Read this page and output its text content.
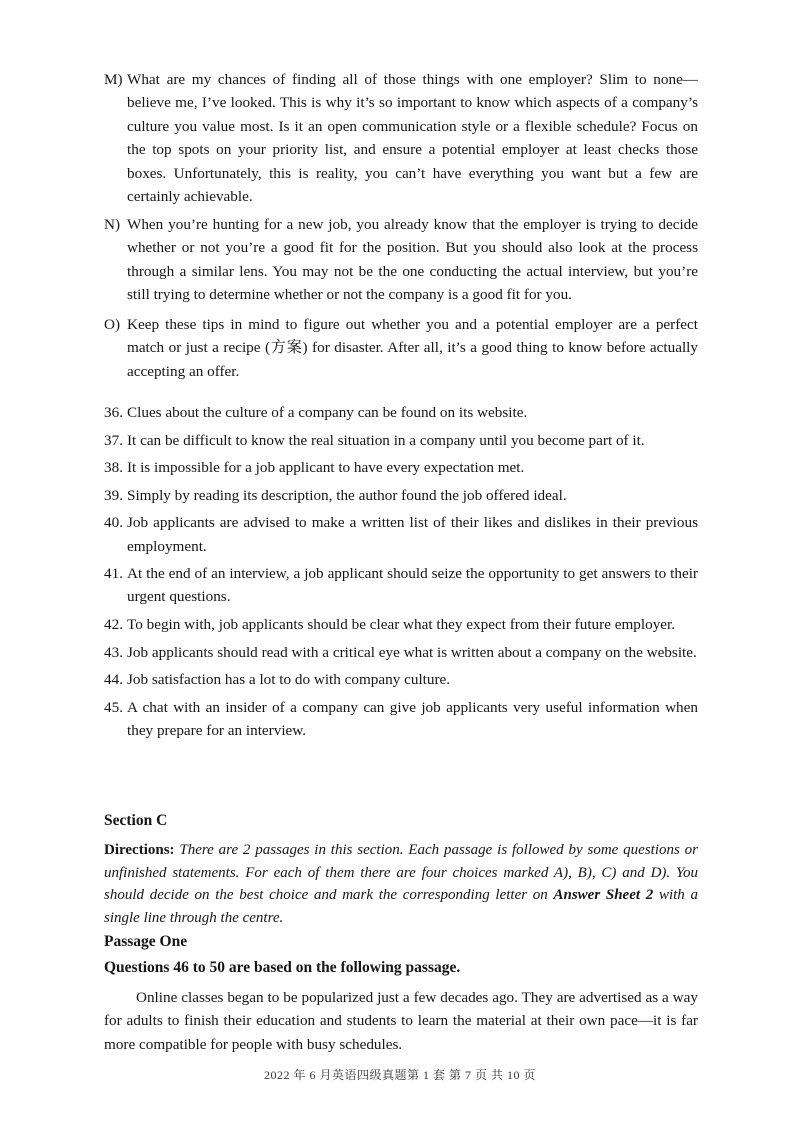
M) What are my chances of finding all of those things with one employer? Slim to none—believe me, I’ve looked. This is why it’s so important to know which aspects of a company’s culture you value most. Is it an open communication style or a flexible schedule? Focus on the top spots on your priority list, and ensure a potential employer at least checks those boxes. Unfortunately, this is reality, you can’t have everything you want but a few are certainly achievable.
N) When you’re hunting for a new job, you already know that the employer is trying to decide whether or not you’re a good fit for the position. But you should also look at the process through a similar lens. You may not be the one conducting the actual interview, but you’re still trying to determine whether or not the company is a good fit for you.
O) Keep these tips in mind to figure out whether you and a potential employer are a perfect match or just a recipe (方案) for disaster. After all, it’s a good thing to know before actually accepting an offer.
36. Clues about the culture of a company can be found on its website.
37. It can be difficult to know the real situation in a company until you become part of it.
38. It is impossible for a job applicant to have every expectation met.
39. Simply by reading its description, the author found the job offered ideal.
40. Job applicants are advised to make a written list of their likes and dislikes in their previous employment.
41. At the end of an interview, a job applicant should seize the opportunity to get answers to their urgent questions.
42. To begin with, job applicants should be clear what they expect from their future employer.
43. Job applicants should read with a critical eye what is written about a company on the website.
44. Job satisfaction has a lot to do with company culture.
45. A chat with an insider of a company can give job applicants very useful information when they prepare for an interview.
Section C
Directions: There are 2 passages in this section. Each passage is followed by some questions or unfinished statements. For each of them there are four choices marked A), B), C) and D). You should decide on the best choice and mark the corresponding letter on Answer Sheet 2 with a single line through the centre.
Passage One
Questions 46 to 50 are based on the following passage.
Online classes began to be popularized just a few decades ago. They are advertised as a way for adults to finish their education and students to learn the material at their own pace—it is far more compatible for people with busy schedules.
2022 年 6 月英语四级真题第 1 套 第 7 页 共 10 页
